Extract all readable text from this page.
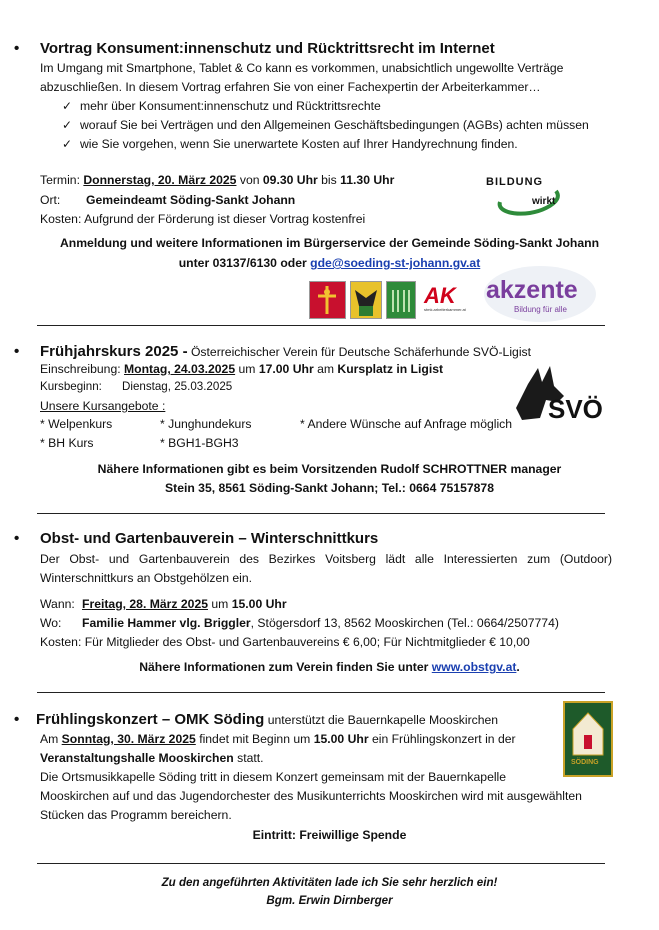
• Vortrag Konsument:innenschutz und Rücktrittsrecht im Internet
Im Umgang mit Smartphone, Tablet & Co kann es vorkommen, unabsichtlich ungewollte Verträge
abzuschließen. In diesem Vortrag erfahren Sie von einer Fachexpertin der Arbeiterkammer…
✓ mehr über Konsument:innenschutz und Rücktrittsrechte
✓ worauf Sie bei Verträgen und den Allgemeinen Geschäftsbedingungen (AGBs) achten müssen
✓ wie Sie vorgehen, wenn Sie unerwartete Kosten auf Ihrer Handyrechnung finden.
Termin: Donnerstag, 20. März 2025 von 09.30 Uhr bis 11.30 Uhr
Ort: Gemeindeamt Söding-Sankt Johann
Kosten: Aufgrund der Förderung ist dieser Vortrag kostenfrei
Anmeldung und weitere Informationen im Bürgerservice der Gemeinde Söding-Sankt Johann
unter 03137/6130 oder gde@soeding-st-johann.gv.at
BILDUNG
wirkt
AK
stmk.arbeiterkammer.at
akzente
Bildung für alle
• Frühjahrskurs 2025 - Österreichischer Verein für Deutsche Schäferhunde SVÖ-Ligist
Einschreibung: Montag, 24.03.2025 um 17.00 Uhr am Kursplatz in Ligist
Kursbeginn: Dienstag, 25.03.2025
Unsere Kursangebote :
* Welpenkurs
* BH Kurs
* Junghundekurs
* BGH1-BGH3
* Andere Wünsche auf Anfrage möglich SVÖ
Nähere Informationen gibt es beim Vorsitzenden Rudolf SCHROTTNER manager
Stein 35, 8561 Söding-Sankt Johann; Tel.: 0664 75157878
• Obst- und Gartenbauverein – Winterschnittkurs
Der Obst- und Gartenbauverein des Bezirkes Voitsberg lädt alle Interessierten zum (Outdoor)
Winterschnittkurs an Obstgehölzen ein.
Wann: Freitag, 28. März 2025 um 15.00 Uhr
Wo: Familie Hammer vlg. Briggler, Stögersdorf 13, 8562 Mooskirchen (Tel.: 0664/2507774)
Kosten: Für Mitglieder des Obst- und Gartenbauvereins € 6,00; Für Nichtmitglieder € 10,00
Nähere Informationen zum Verein finden Sie unter www.obstgv.at.
• Frühlingskonzert – OMK Söding unterstützt die Bauernkapelle Mooskirchen
Am Sonntag, 30. März 2025 findet mit Beginn um 15.00 Uhr ein Frühlingskonzert in der
Veranstaltungshalle Mooskirchen statt.
Die Ortsmusikkapelle Söding tritt in diesem Konzert gemeinsam mit der Bauernkapelle
Mooskirchen auf und das Jugendorchester des Musikunterrichts Mooskirchen wird mit ausgewählten
Stücken das Programm bereichern.
Eintritt: Freiwillige Spende
SÖDING
Zu den angeführten Aktivitäten lade ich Sie sehr herzlich ein!
Bgm. Erwin Dirnberger
